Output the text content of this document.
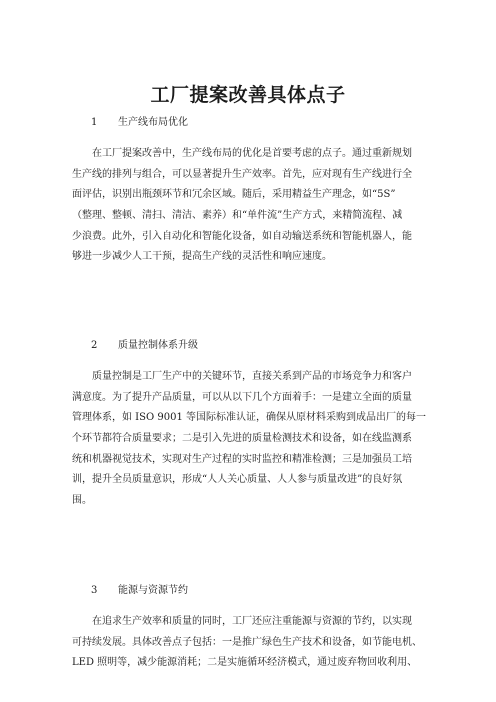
工厂提案改善具体点子
1 生产线布局优化
在工厂提案改善中，生产线布局的优化是首要考虑的点子。通过重新规划
生产线的排列与组合，可以显著提升生产效率。首先，应对现有生产线进行全
面评估，识别出瓶颈环节和冗余区域。随后，采用精益生产理念，如“5S”
（整理、整顿、清扫、清洁、素养）和“单件流”生产方式，来精简流程、减
少浪费。此外，引入自动化和智能化设备，如自动输送系统和智能机器人，能
够进一步减少人工干预，提高生产线的灵活性和响应速度。
2 质量控制体系升级
质量控制是工厂生产中的关键环节，直接关系到产品的市场竞争力和客户
满意度。为了提升产品质量，可以从以下几个方面着手：一是建立全面的质量
管理体系，如 ISO 9001 等国际标准认证，确保从原材料采购到成品出厂的每一
个环节都符合质量要求；二是引入先进的质量检测技术和设备，如在线监测系
统和机器视觉技术，实现对生产过程的实时监控和精准检测；三是加强员工培
训，提升全员质量意识，形成“人人关心质量、人人参与质量改进”的良好氛
围。
3 能源与资源节约
在追求生产效率和质量的同时，工厂还应注重能源与资源的节约，以实现
可持续发展。具体改善点子包括：一是推广绿色生产技术和设备，如节能电机、
LED 照明等，减少能源消耗；二是实施循环经济模式，通过废弃物回收利用、
